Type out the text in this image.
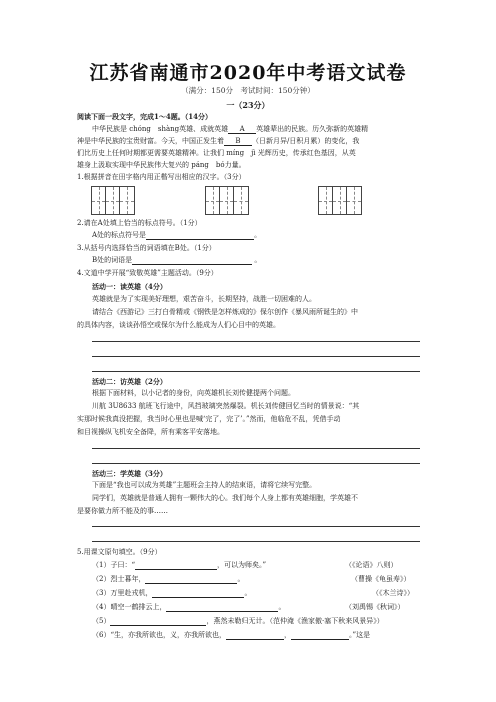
江苏省南通市2020年中考语文试卷
（满分：150分　考试时间：150分钟）
一（23分）
阅读下面一段文字，完成1～4题。（14分）
中华民族是 chóng　shàng英雄、成就英雄 A 英雄辈出的民族。历久弥新的英雄精
神是中华民族的宝贵财富。今天，中国正发生着 B （日新月异/日积月累）的变化，我
们比历史上任何时期都更需要英雄精神。让我们 míng　jì 光辉历史，传承红色基因，从英
雄身上汲取实现中华民族伟大复兴的 páng　bó力量。
1.根据拼音在田字格内用正楷写出相应的汉字。（3分）
2.请在A处填上恰当的标点符号。（1分）
A处的标点符号是	。
3.从括号内选择恰当的词语填在B处。（1分）
B处的词语是	。
4.文道中学开展“致敬英雄”主题活动。（9分）
活动一：读英雄（4分）
英雄就是为了实现美好理想，艰苦奋斗，长期坚持，战胜一切困难的人。
请结合《西游记》三打白骨精或《钢铁是怎样炼成的》保尔创作《暴风雨所诞生的》中
的具体内容，谈谈孙悟空或保尔为什么能成为人们心目中的英雄。
活动二：访英雄（2分）
根据下面材料，以小记者的身份，向英雄机长刘传健提两个问题。
川航 3U8633 航班飞行途中，风挡玻璃突然爆裂。机长刘传健回忆当时的情景说：“其
实那时候我真没把握，我当时心里也是喊‘完了，完了’。”然而，他临危不乱，凭借手动
和目视操纵飞机安全备降，所有乘客平安落地。
活动三：学英雄（3分）
下面是“我也可以成为英雄”主题班会主持人的结束语，请将它续写完整。
同学们，英雄就是普通人拥有一颗伟大的心。我们每个人身上都有英雄细胞，学英雄不
是要你做力所不能及的事……
5.用课文原句填空。（9分）
（1）子曰：“	，可以为师矣。”	（《论语》八则）
（2）烈士暮年，	。	（曹操《龟虽寿》）
（3）万里赴戎机，	。	（《木兰诗》）
（4）晴空一鹤排云上，	。	（刘禹锡《秋词》）
（5）	，燕然未勒归无计。（范仲淹《渔家傲·塞下秋来风景异》）
（6）“生，亦我所欲也，义，亦我所欲也，	，	。”这是
